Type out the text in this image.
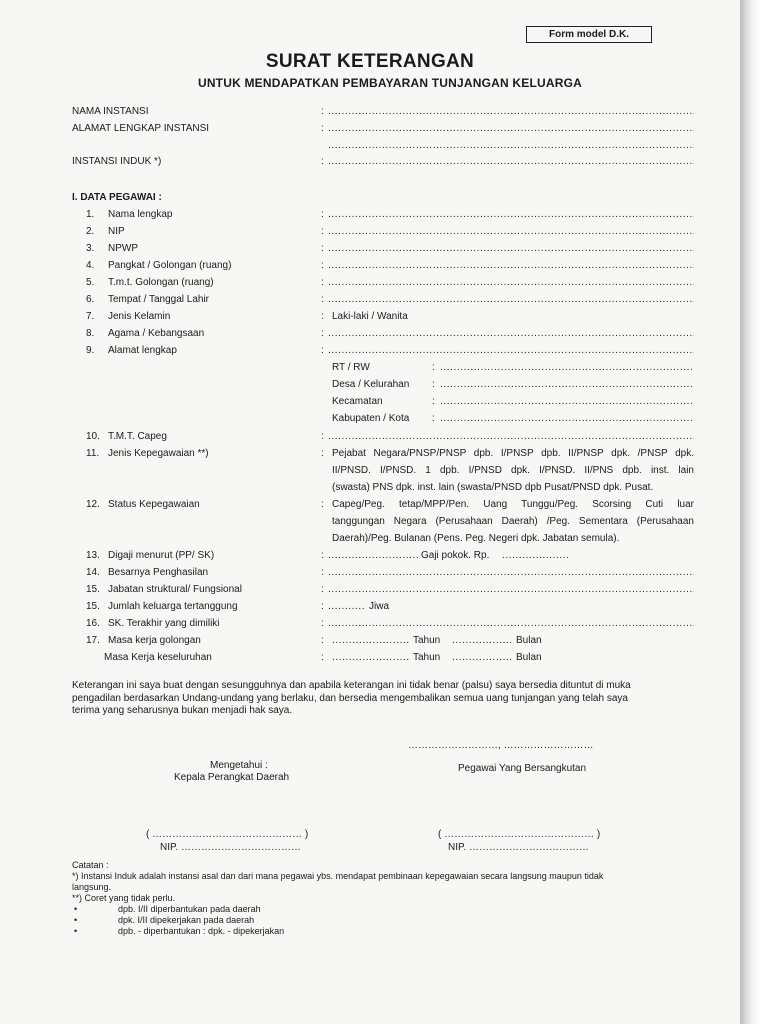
Form model D.K.
SURAT KETERANGAN
UNTUK MENDAPATKAN PEMBAYARAN TUNJANGAN KELUARGA
NAMA INSTANSI	:
.....
ALAMAT LENGKAP INSTANSI	:
.....
.....
INSTANSI INDUK *)	:
.....
I. DATA PEGAWAI :
1. Nama lengkap	:
.....
2. NIP	:
.....
3. NPWP	:
.....
4. Pangkat / Golongan (ruang)	:
.....
5. T.m.t. Golongan (ruang)	:
.....
6. Tempat / Tanggal Lahir	:
.....
7. Jenis Kelamin	: Laki-laki / Wanita
8. Agama / Kebangsaan	:
.....
9. Alamat lengkap	:
.....
RT / RW	:
.....
Desa / Kelurahan :
.....
Kecamatan	:
.....
Kabupaten / Kota :
.....
10. T.M.T. Capeg	:
.....
11. Jenis Kepegawaian **)	: Pejabat Negara/PNSP/PNSP dpb. I/PNSP dpb. II/PNSP dpk. /PNSP dpk.
II/PNSD. I/PNSD. 1 dpb. I/PNSD dpk. I/PNSD. II/PNS dpb. inst. lain
(swasta) PNS dpk. inst. lain (swasta/PNSD dpb Pusat/PNSD dpk. Pusat.
12. Status Kepegawaian	: Capeg/Peg. tetap/MPP/Pen. Uang Tunggu/Peg. Scorsing Cuti luar
tanggungan Negara (Perusahaan Daerah) /Peg. Sementara (Perusahaan
Daerah)/Peg. Bulanan (Pens. Peg. Negeri dpk. Jabatan semula).
13. Digaji menurut (PP/ SK)	: .....	Gaji pokok. Rp.
.....
14. Besarnya Penghasilan	:
.....
15. Jabatan struktural/ Fungsional	:
.....
15. Jumlah keluarga tertanggung	: .....	Jiwa
16. SK. Terakhir yang dimiliki	:
.....
17. Masa kerja golongan	: .....	Tahun .....	Bulan
Masa Kerja keseluruhan	: .....	Tahun .....	Bulan
Keterangan ini saya buat dengan sesungguhnya dan apabila keterangan ini tidak benar (palsu) saya bersedia dituntut di muka
pengadilan berdasarkan Undang-undang yang berlaku, dan bersedia mengembalikan semua uang tunjangan yang telah saya
terima yang seharusnya bukan menjadi hak saya.
………………………, ………………………
Mengetahui :
Kepala Perangkat Daerah
Pegawai Yang Bersangkutan
( ……………………………………… )	( ……………………………………… )
NIP. ………………………………	NIP. ………………………………
Catatan :
*) Instansi Induk adalah instansi asal dan dari mana pegawai ybs. mendapat pembinaan kepegawaian secara langsung maupun tidak
langsung.
**) Coret yang tidak perlu.
•	dpb. I/II diperbantukan pada daerah
•	dpk. I/II dipekerjakan pada daerah
•	dpb. - diperbantukan : dpk. - dipekerjakan
